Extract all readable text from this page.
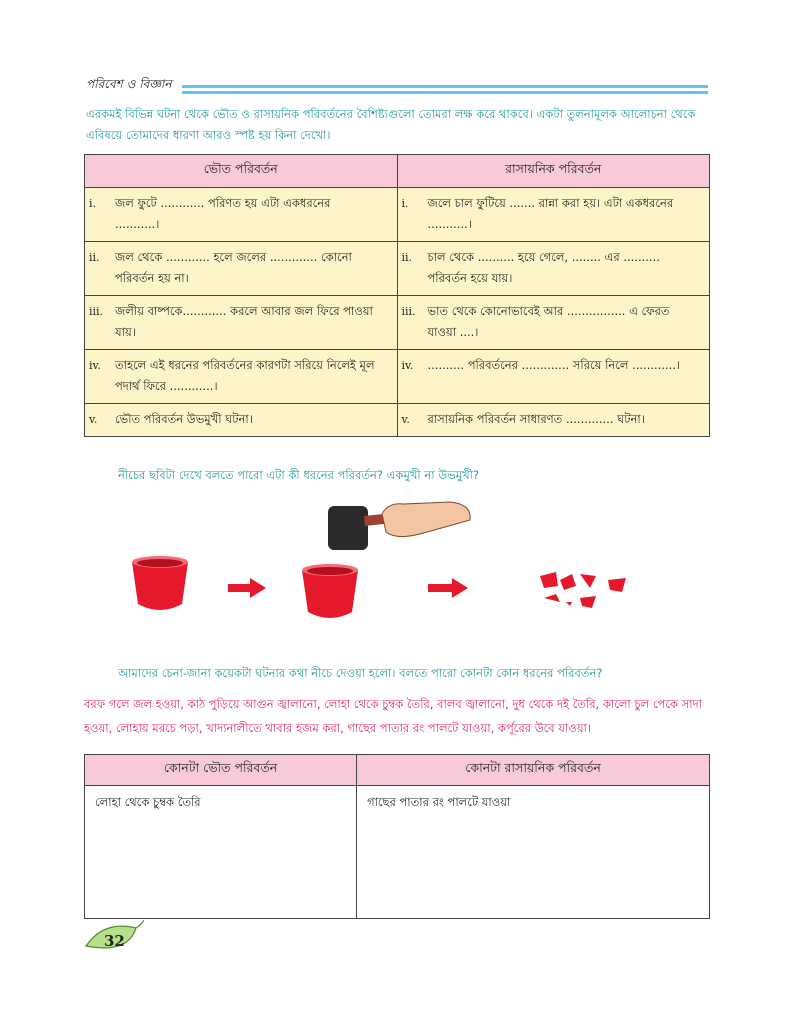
পরিবেশ ও বিজ্ঞান
এরকমই বিভিন্ন ঘটনা থেকে ভৌত ও রাসায়নিক পরিবর্তনের বৈশিষ্ট্যগুলো তোমরা লক্ষ করে থাকবে। একটা তুলনামূলক আলোচনা থেকে এবিষয়ে তোমাদের ধারণা আরও স্পষ্ট হয় কিনা দেখো।
ভৌত পরিবর্তন	রাসায়নিক পরিবর্তন
i. জল ফুটে ............ পরিণত হয় এটা একধরনের ...........।	i. জলে চাল ফুটিয়ে ....... রান্না করা হয়। এটা একধরনের ...........।
ii. জল থেকে ............ হলে জলের ............. কোনো পরিবর্তন হয় না।	ii. চাল থেকে .......... হয়ে গেলে, ........ এর .......... পরিবর্তন হয়ে যায়।
iii. জলীয় বাষ্পকে............ করলে আবার জল ফিরে পাওয়া যায়।	iii. ভাত থেকে কোনোভাবেই আর ................ এ ফেরত যাওয়া ....।
iv. তাহলে এই ধরনের পরিবর্তনের কারণটা সরিয়ে নিলেই মূল পদার্থ ফিরে ............।	iv. .......... পরিবর্তনের ............. সরিয়ে নিলে ............।
v. ভৌত পরিবর্তন উভমুখী ঘটনা।	v. রাসায়নিক পরিবর্তন সাধারণত ............. ঘটনা।
নীচের ছবিটা দেখে বলতে পারো এটা কী ধরনের পরিবর্তন? একমুখী না উভমুখী?
আমাদের চেনা-জানা কয়েকটা ঘটনার কথা নীচে দেওয়া হলো। বলতে পারো কোনটা কোন ধরনের পরিবর্তন?
বরফ গলে জল হওয়া, কাঠ পুড়িয়ে আগুন জ্বালানো, লোহা থেকে চুম্বক তৈরি, বালব জ্বালানো, দুধ থেকে দই তৈরি, কালো চুল পেকে সাদা হওয়া, লোহায় মরচে পড়া, খাদ্যনালীতে খাবার হজম করা, গাছের পাতার রং পালটে যাওয়া, কর্পূরের উবে যাওয়া।
কোনটা ভৌত পরিবর্তন	কোনটা রাসায়নিক পরিবর্তন
লোহা থেকে চুম্বক তৈরি	গাছের পাতার রং পালটে যাওয়া
32
